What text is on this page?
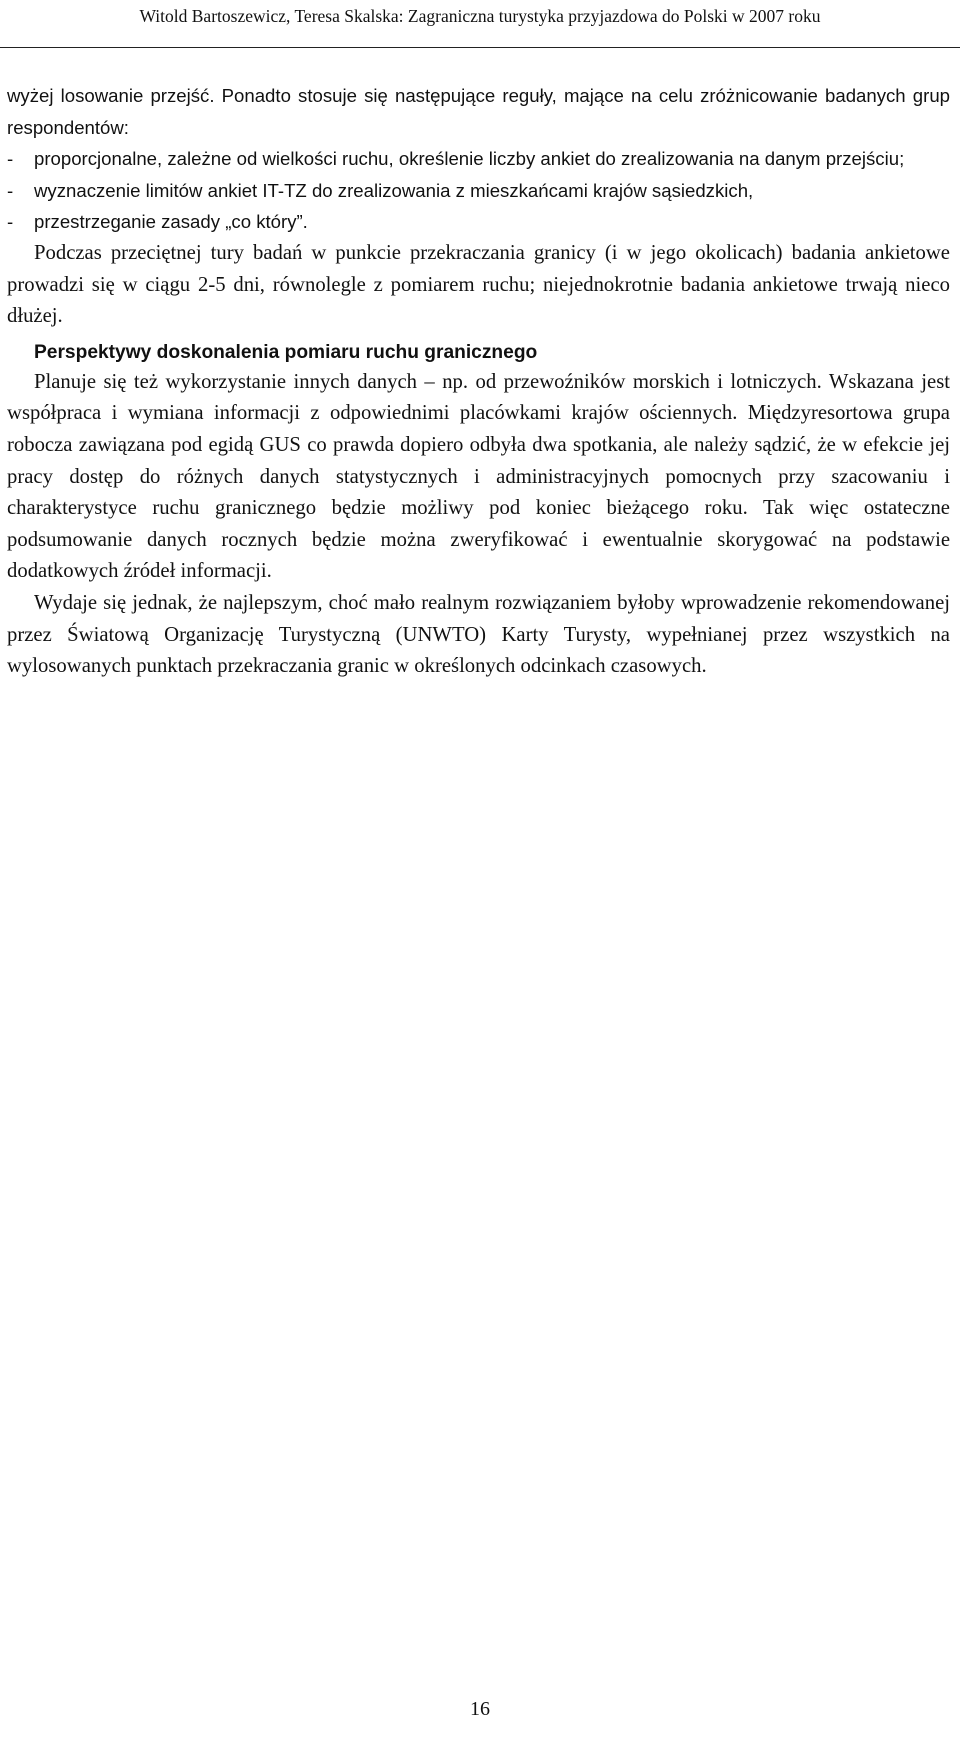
Witold Bartoszewicz, Teresa Skalska: Zagraniczna turystyka przyjazdowa do Polski w 2007 roku

wyżej losowanie przejść. Ponadto stosuje się następujące reguły, mające na celu zróżnicowanie badanych grup respondentów:

-	proporcjonalne, zależne od wielkości ruchu, określenie liczby ankiet do zrealizowania na danym przejściu;
-	wyznaczenie limitów ankiet IT-TZ do zrealizowania z mieszkańcami krajów sąsiedzkich,
-	przestrzeganie zasady „co który”.

Podczas przeciętnej tury badań w punkcie przekraczania granicy (i w jego okolicach) badania ankietowe prowadzi się w ciągu 2-5 dni, równolegle z pomiarem ruchu; niejednokrotnie badania ankietowe trwają nieco dłużej.

Perspektywy doskonalenia pomiaru ruchu granicznego

Planuje się też wykorzystanie innych danych – np. od przewoźników morskich i lotniczych. Wskazana jest współpraca i wymiana informacji z odpowiednimi placówkami krajów ościennych. Międzyresortowa grupa robocza zawiązana pod egidą GUS co prawda dopiero odbyła dwa spotkania, ale należy sądzić, że w efekcie jej pracy dostęp do różnych danych statystycznych i administracyjnych pomocnych przy szacowaniu i charakterystyce ruchu granicznego będzie możliwy pod koniec bieżącego roku. Tak więc ostateczne podsumowanie danych rocznych będzie można zweryfikować i ewentualnie skorygować na podstawie dodatkowych źródeł informacji.

Wydaje się jednak, że najlepszym, choć mało realnym rozwiązaniem byłoby wprowadzenie rekomendowanej przez Światową Organizację Turystyczną (UNWTO) Karty Turysty, wypełnianej przez wszystkich na wylosowanych punktach przekraczania granic w określonych odcinkach czasowych.

16
